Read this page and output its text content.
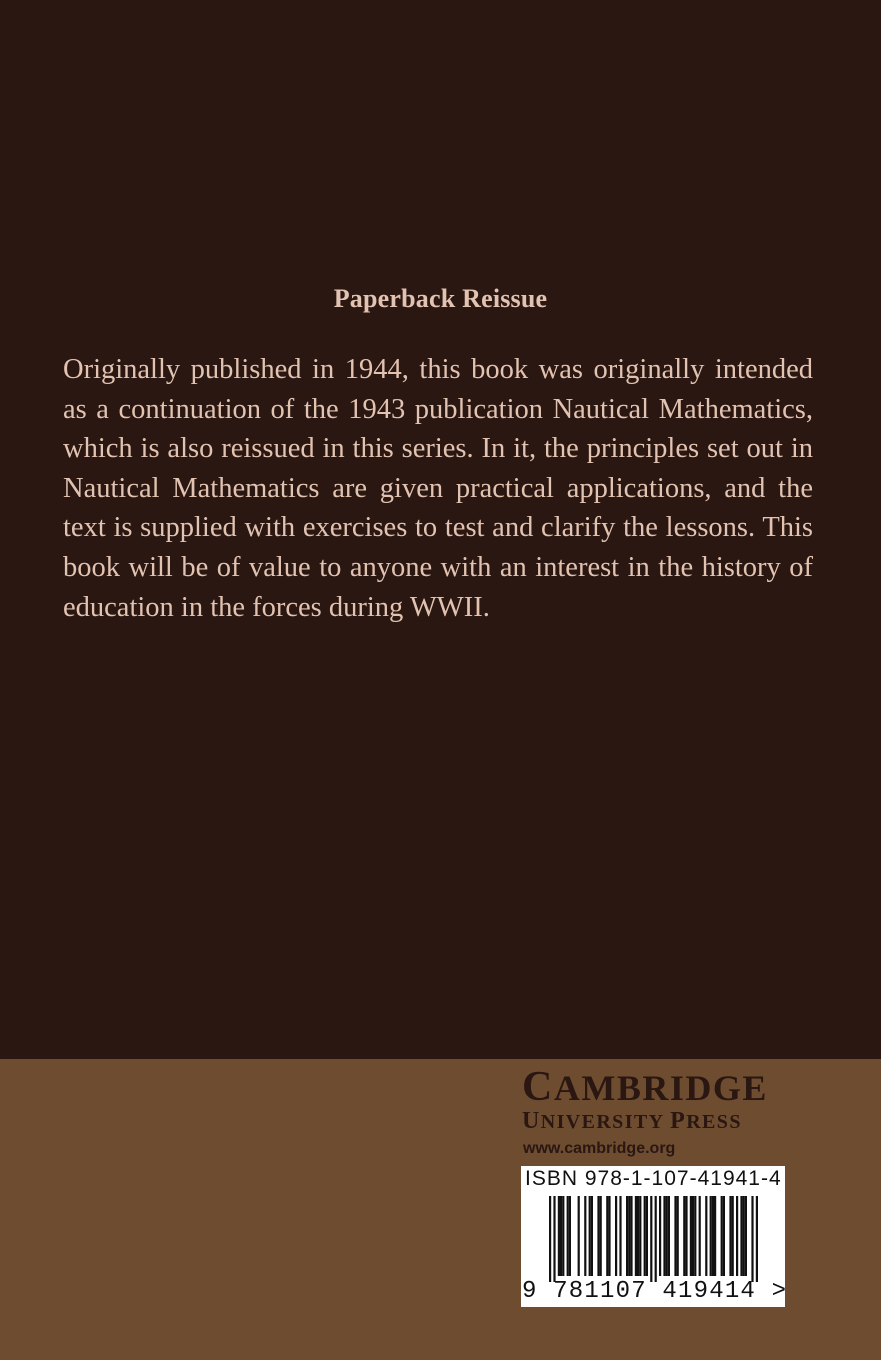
Paperback Reissue

Originally published in 1944, this book was originally intended as a continuation of the 1943 publication Nautical Mathematics, which is also reissued in this series. In it, the principles set out in Nautical Mathematics are given practical applications, and the text is supplied with exercises to test and clarify the lessons. This book will be of value to anyone with an interest in the history of education in the forces during WWII.

CAMBRIDGE
UNIVERSITY PRESS
www.cambridge.org
ISBN 978-1-107-41941-4
9 781107 419414 >
